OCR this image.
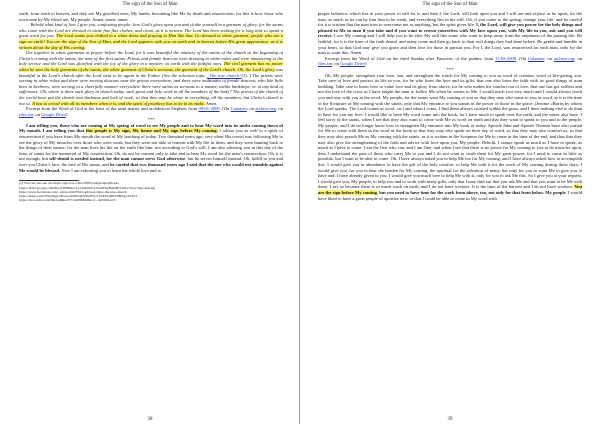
The sign of the Son of Man

earth, from earth to heaven, and they are My glorified ones, My lambs, becoming like Me by death and resurrection, for this is how those who overcome by My blood are, My people. Amen, amen, amen.

. . Behold what kind of love I give you, confessing people: love God’s glory upon you and clothe yourself in a garment of glory, for the saints who come with the Lord are dressed in white fine flax clothes, and clean, as it is written. The Lord has been seeking for a long time to speak a great word for you. The Lord wants you clothed in a white dress and praying to Him like that. Go dressed in white garment, people who are a sign on earth! You are the sign of the Son of Man, and the Lord appears with you on earth and in heaven before His great appearance, as it is written about the day of His coming.

Get together in white garments at prayer before the Lord, for it was beautiful the ministry of the saints of the church at the beginning of Christ’s coming with the saints, the time of the first saints. Priests and female deacons were dressing in white robes and were ministering to the holy service and the Lord was glorified with the joy of the glory in a mystery on earth with the faithful ones. The civil garment has no power when he sees the holy garments of the saints, the white garment of Christ’s servants, the garment of the Lord’s church. Oh, the Lord’s glory was beautiful in the Lord’s church after the Lord went to be again in the Father. (See the selection topic „The true church”(1). ) The priests were serving in white robes and there were serving deacons near the priests everywhere, and there were multitudes of female deacons, who like little bees in beehives, were serving in a cheerfully manner everywhere there were saints as servants to a master, within hardships, or in any kind of sufferance. Oh, where is there such glory in church today, such great and holy work in all the members of the body? The priests of the church of the world have put the church into darkness and lack of work, so that they may be alone in everything, all the members, but Christ’s church is not so. It has to crowd with all its members when it is, and the spirit of prophecy has to be in its midst. Amen.

Excerpt from the Word of God at the feast of the saint martyr and archdeacon Stephen, from 09-01-2008. (On Calameo; on archive.org; on files.fm; on Google Drive)

***

I am telling you, those who are coming at My spring of word to see My people and to hear My word into its midst coming down of My mouth. I am telling you that this people is My sign, My house and My sign before My coming. I advise you as well to a spirit of resurrection if you have from My mouth the word of My teaching of today. Two thousand years ago, very often His crowd was following Me to see the glory of My miracles over those who were weak, but they were not able to remain with My life in them, and they were hunting back to the things of their nature, for the man lives his life on the earth like him, not according to God’s will. I am also advising you in this day of the feast of saints for the memorial of My resurrection. Oh, do not be content only to take and to hear My word for the man’s resurrection. Oh, it is not enough, but self-denial is needed instead, for the man cannot serve God otherwise, but he serves himself instead. Oh, fulfill in you and over you Christ’s face, the face of His saints, and be careful that two thousand years ago I said that the one who would not stumble against Me would be blessed. Now I am exhorting you to learn the whole love and to

(1) You can also see on: https://app.box.com/s/3993yd4qgte9pr48fcu4a
https://drive.google.com/file/d/1BD0kvcLLpNPqmCSJ5azdF0pHdG8EVzmw/view?usp=sharing
https://www.facebook.com/...photo.html?fbid=gZ/post/show-the-true-church
https://issuu.com/795Q3qgLbR/docs/lt0EtQEYSk9WCCJYPYQNEX6BzQw3XbCJ
https://docs.zoho.com/file/uq9kk12771416968466e12...1a05942e2c5
38
The sign of the Son of Man

proper behavior, which lies in your power to still for it, and then I, the Lord, will look upon you and I will see and rejoice or be upset, for the man, as much as he can by him him to be weak, and everything lies in his will. Oh, if you come to the spring, change your life, and be careful for it is written that the man tries to overcome not as anything, but the spirit gives life. I, the Lord, will give you power for the holy things and pleased to Me in man if you take and if you want to crown yourselves with My face upon you, with My life in you, ask and you will receive. Love My coming and I will help you to be after My will like some who want to keep away from the emptiness of the passing life. Be faithful, for it is the time of the faith denial, and many come and then go back to their evil things they had done before. Be gentle and humble in your heart, so that God may give you grace and then love for those in pursuit you. For I, the Lord, was resurrected for each man, only for the man to want this. Amen.

Excerpt from the Word of God on the third Sunday after Passover, of the psalms, from 11-05-2008. (On Calameo; on archive.org; on files.fm; on Google Drive)

***

Oh, My people, strengthen your love, son, and strengthen the watch for My coming to you as word of creation, word of life-giving, son. Take care of love and protect its life in you, for he who loses the love and its gifts, that one also loses the faith with its good things of man building. Take care to know how to value love and its glory from above, for he who makes his comfort out of love, that one has got selfless and not the love of the cross as I have taught the man to follow Me when he comes to Me. I would teach you very much and I would always teach you and stay with you in the word, My people, for the saints want My coming to you so that they may also come to you as word, as it is the time of the Scripture of My coming with the saints, only that My entrance to you stands in the power of those in the grace. (Jerome «Burns by whom the Lord speaks. The Lord comes as word. r.n.) and when I come, I find them always crushed within the grass, and I have nothing else to do than to have for you my love. I would like to have My word come into the book, for I have much to speak over the earth, and the saints also have. I feel sorry of the saints, when I see that they also want to come with Me as word on earth and that they want to speak to you and to the people, My people, and I do no longer know how to strengthen My entrance into My book of today. Apostle John and Apostle Thomas have also waited for Me to come with them in the word of the book so that they may also speak on their day of word, so that they may also comfort us, so that they may also preach Me as My coming with the saints, as it is written in the Scripture for Me to come in the time of the end, and thus that they may also give the strengthening of the faith and advice with love upon you, My people. Behold, I cannot speak as much as I have to speak, as much as I have to come. I am the One who can, and I am One; and when I see that there is no power for My coming to you to do miracles upon, then I understand the pain of those who carry Me to you and I do not want to crush them for My great power, for I need to come in little as possible, but I want to be able to come. Oh, I have always asked you to help Me too for My coming, and I have always asked how to accomplish this. I would give you in abundance to have the gift of the holy comfort, to help Me with it for the work of My coming during these days; I would give you, for you to hear the burden for My coming, the spiritual for the salvation of many, but only for you to want Me to give you to have and; I have already given to you. I would give you much love to help Me with it, only for you to ask Me this. So I give you at your request. I would give you, My people, to help you and to work with many gifts, only that I may find out that you ask Me and that you want to be Me with them. I say so because there is so much work on earth, and I do not have workers. It is the time of the harvest and I do not have workers. You are the sign before My coming, but you need to have time for the work from above, too, not only for that from below. My people, I would have liked to have a great people of apostles now, or that I could be able to come in My word with

39
